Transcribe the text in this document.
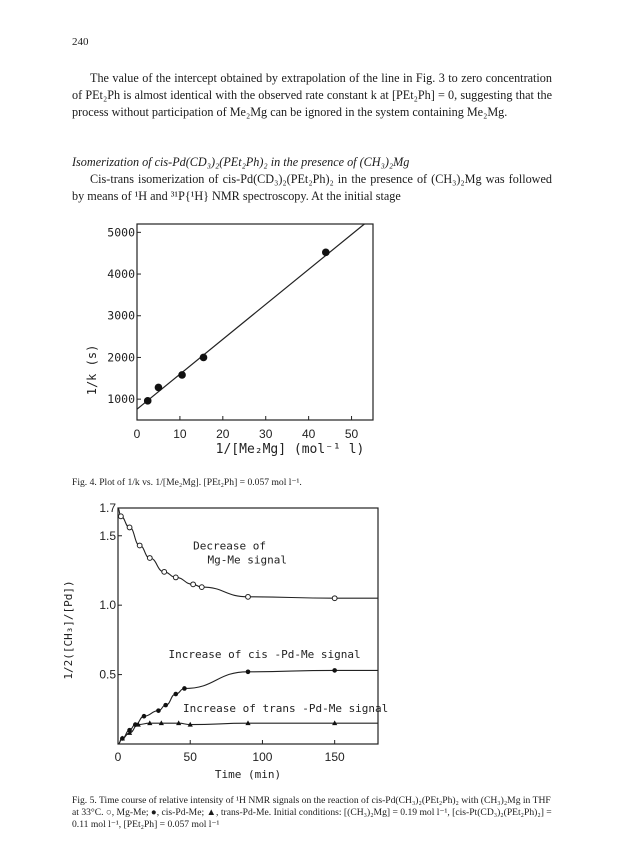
240

The value of the intercept obtained by extrapolation of the line in Fig. 3 to zero concentration of PEt₂Ph is almost identical with the observed rate constant k at [PEt₂Ph] = 0, suggesting that the process without participation of Me₂Mg can be ignored in the system containing Me₂Mg.

Isomerization of cis-Pd(CD₃)₂(PEt₂Ph)₂ in the presence of (CH₃)₂Mg

Cis-trans isomerization of cis-Pd(CD₃)₂(PEt₂Ph)₂ in the presence of (CH₃)₂Mg was followed by means of ¹H and ³¹P{¹H} NMR spectroscopy. At the initial stage

0	10 20 30 40 50
1000
2000
3000
4000
5000
1/k (s)
1/[Me₂Mg] (mol⁻¹ l)

Fig. 4. Plot of 1/k vs. 1/[Me₂Mg]. [PEt₂Ph] = 0.057 mol l⁻¹.

0	50	100	150
0.5
1.0
1.5
1.7
Decrease of
Mg-Me signal
Increase of cis -Pd-Me signal
Increase of trans -Pd-Me signal
1/2([CH₃]/[Pd])
Time (min)

Fig. 5. Time course of relative intensity of ¹H NMR signals on the reaction of cis-Pd(CH₃)₂(PEt₂Ph)₂ with (CH₃)₂Mg in THF at 33°C. ○, Mg-Me; ●, cis-Pd-Me; ▲, trans-Pd-Me. Initial conditions: [(CH₃)₂Mg] = 0.19 mol l⁻¹, [cis-Pt(CD₃)₂(PEt₂Ph)₂] = 0.11 mol l⁻¹, [PEt₂Ph] = 0.057 mol l⁻¹
